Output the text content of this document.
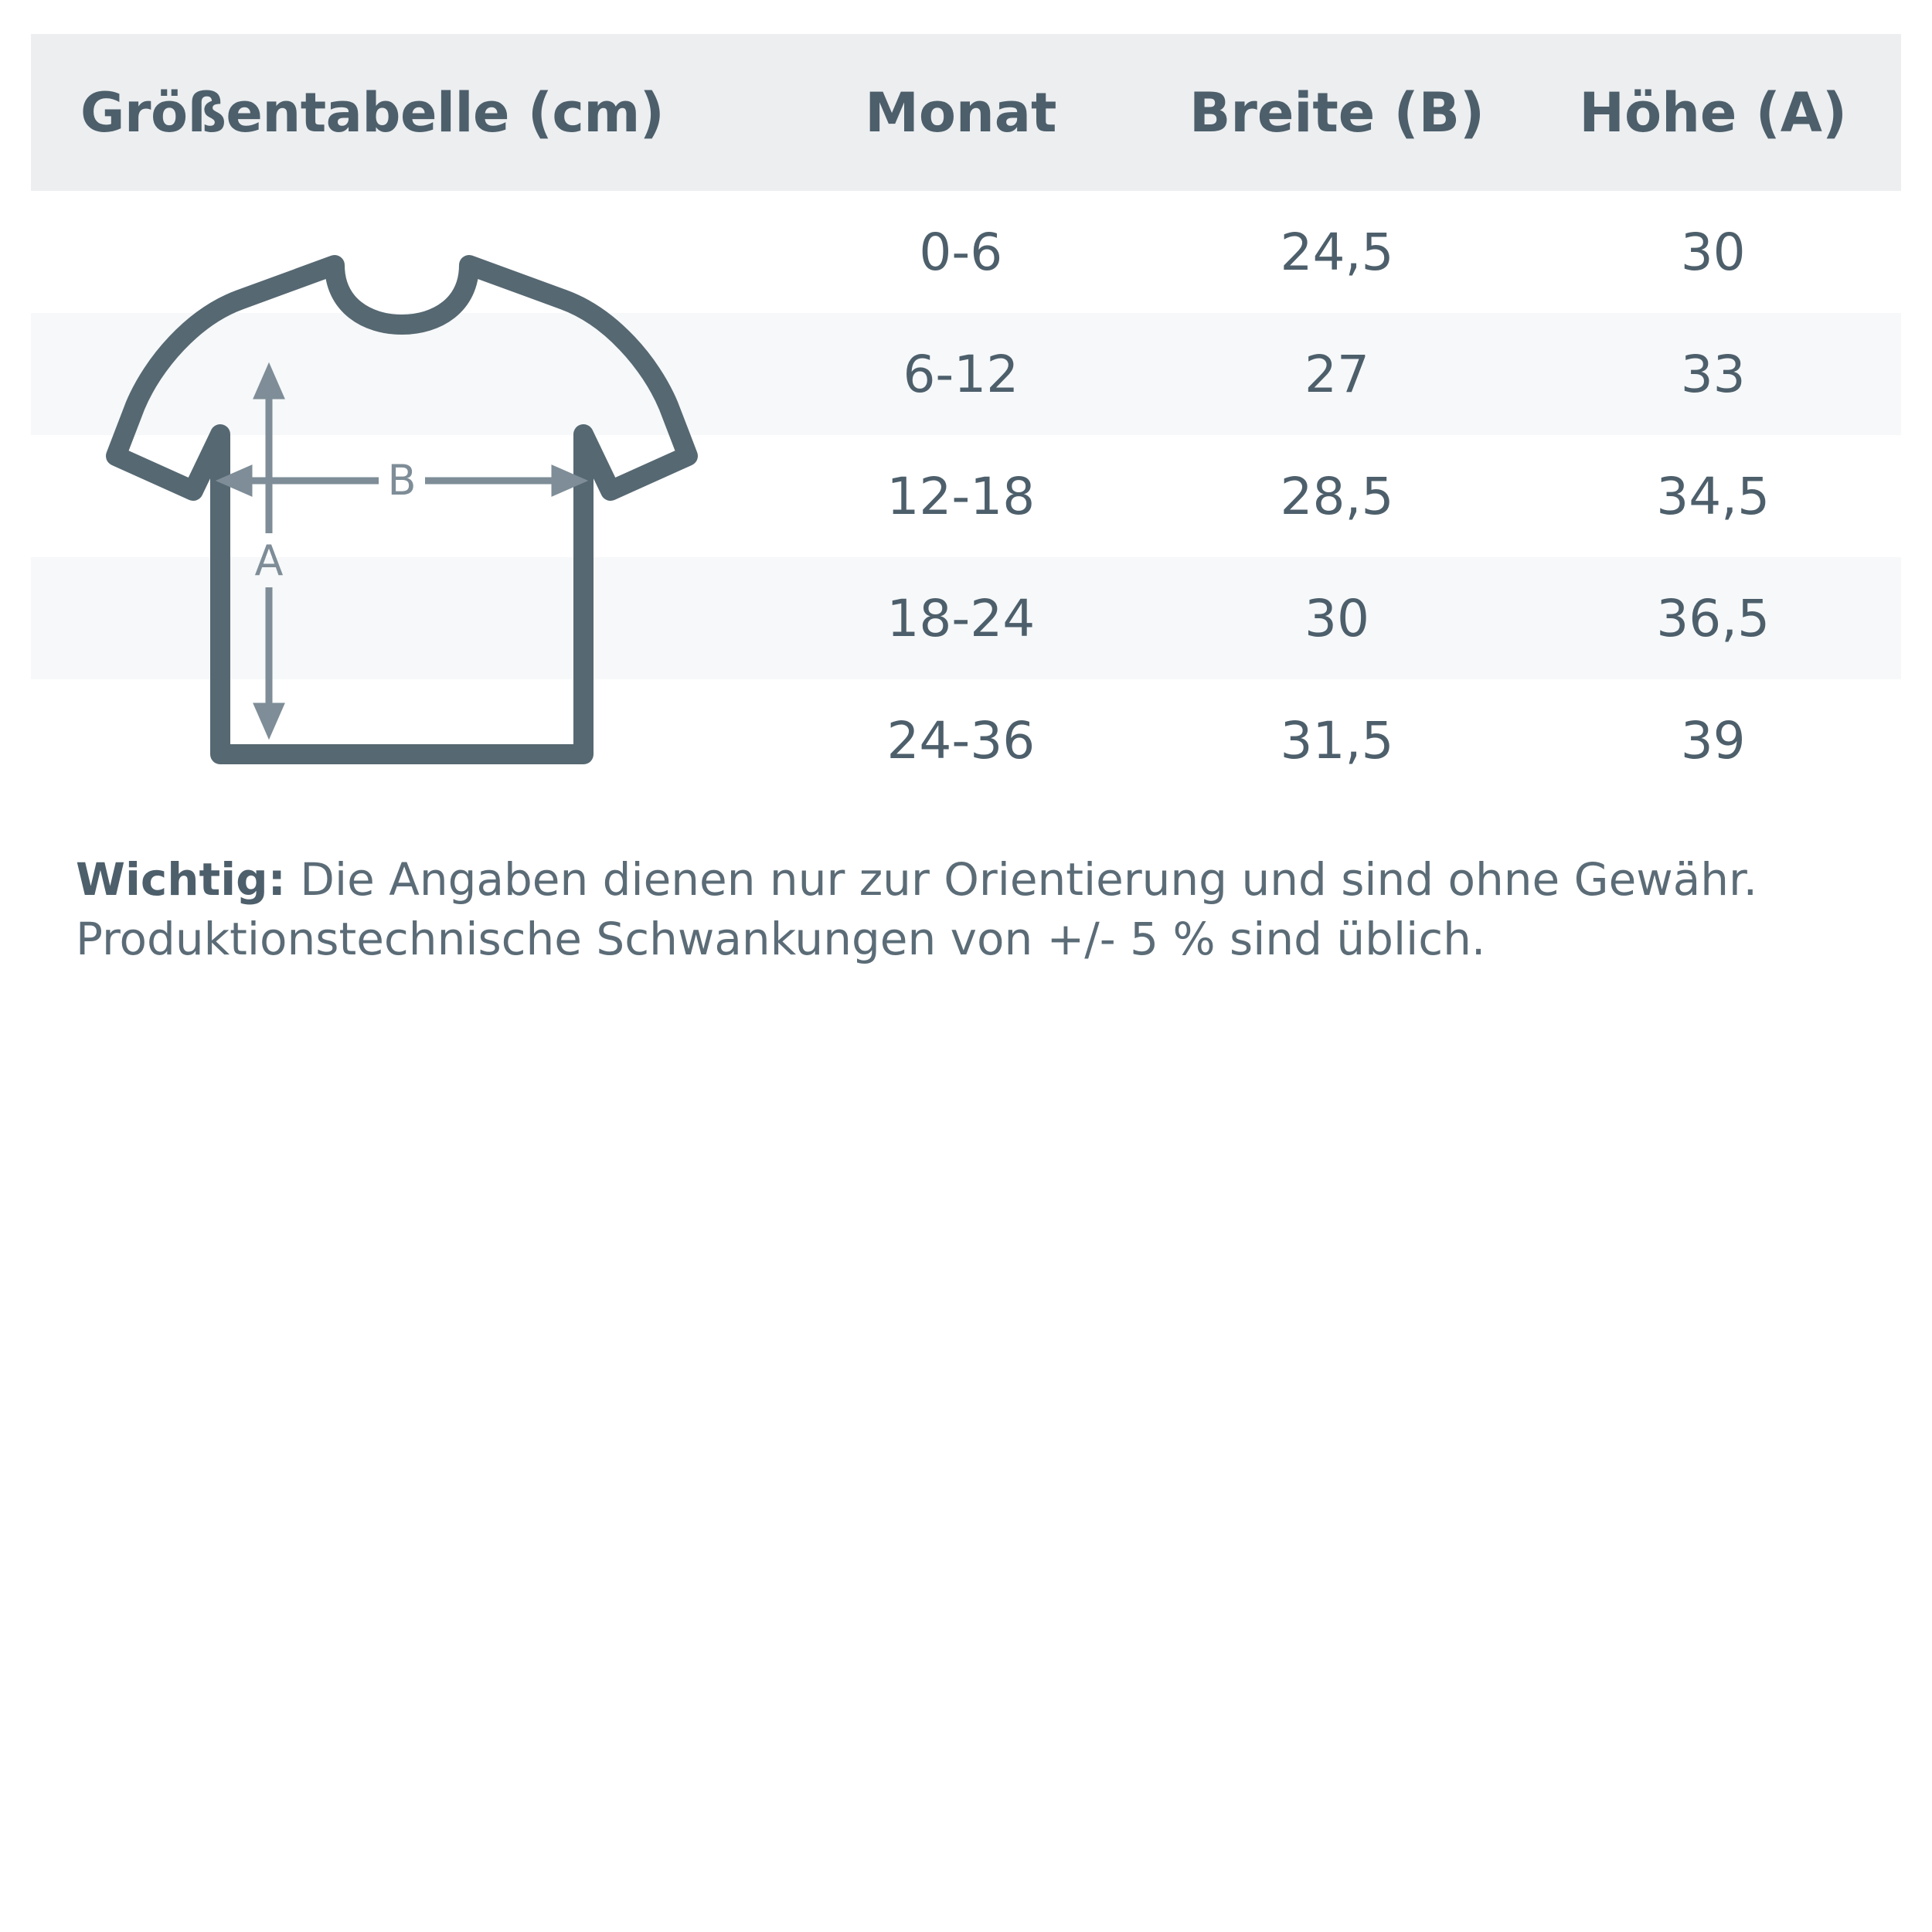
Größentabelle (cm)	Monat	Breite (B)	Höhe (A)
0-6	24,5	30
6-12	27	33
12-18	28,5	34,5
18-24	30	36,5
24-36	31,5	39
B
A
Wichtig: Die Angaben dienen nur zur Orientierung und sind ohne Gewähr. Produktionstechnische Schwankungen von +/- 5 % sind üblich.
